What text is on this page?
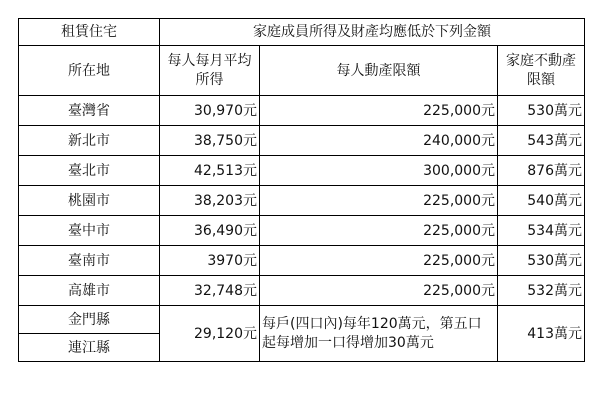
租賃住宅	家庭成員所得及財產均應低於下列金額		
所在地	每人每月平均所得	每人動產限額	家庭不動產限額
臺灣省	30,970元	225,000元	530萬元
新北市	38,750元	240,000元	543萬元
臺北市	42,513元	300,000元	876萬元
桃園市	38,203元	225,000元	540萬元
臺中市	36,490元	225,000元	534萬元
臺南市	3970元	225,000元	530萬元
高雄市	32,748元	225,000元	532萬元
金門縣	29,120元	每戶(四口內)每年120萬元，第五口起每增加一口得增加30萬元	413萬元
連江縣			
